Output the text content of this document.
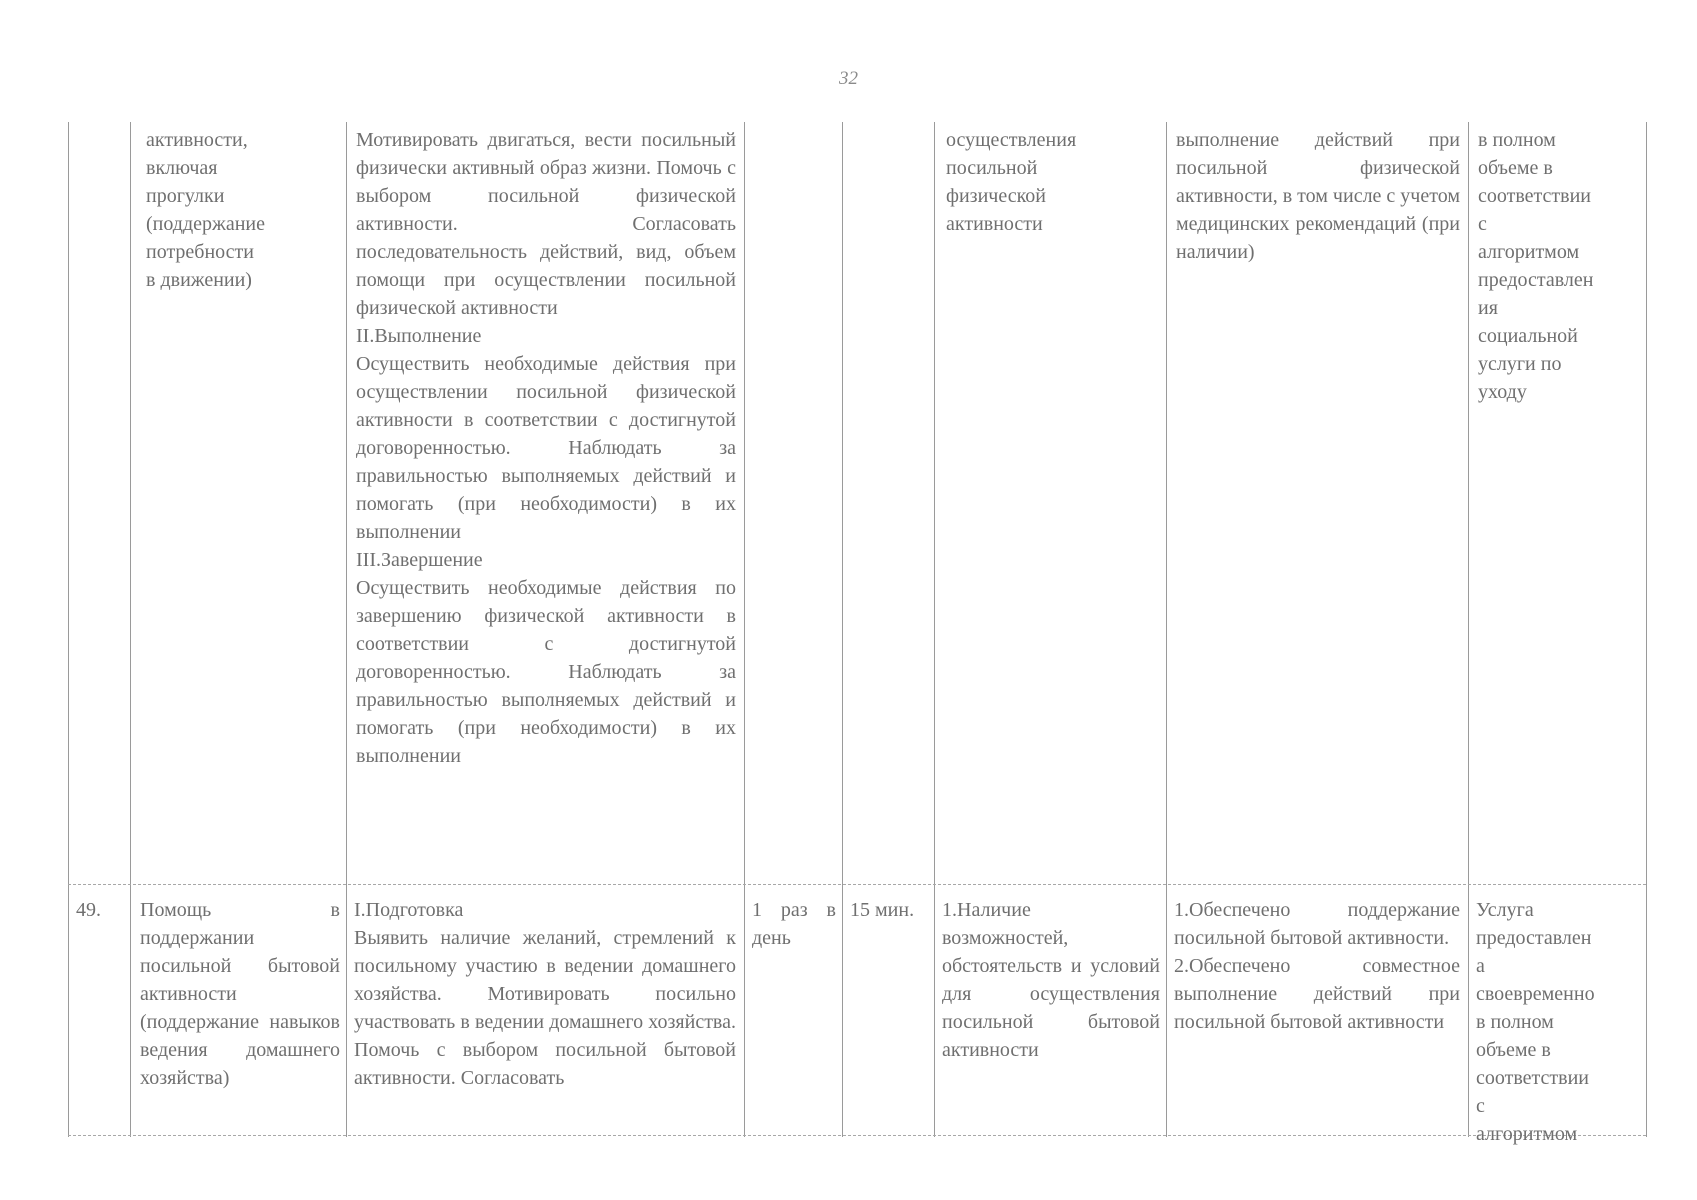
32
активности,
включая
прогулки
(поддержание
потребности
в движении)
Мотивировать двигаться, вести посильный физически активный образ жизни. Помочь с выбором посильной физической активности. Согласовать последовательность действий, вид, объем помощи при осуществлении посильной физической активности
II.Выполнение
Осуществить необходимые действия при осуществлении посильной физической активности в соответствии с достигнутой договоренностью. Наблюдать за правильностью выполняемых действий и помогать (при необходимости) в их выполнении
III.Завершение
Осуществить необходимые действия по завершению физической активности в соответствии с достигнутой договоренностью. Наблюдать за правильностью выполняемых действий и помогать (при необходимости) в их выполнении
осуществления
посильной
физической
активности
выполнение действий при посильной физической активности, в том числе с учетом медицинских рекомендаций (при наличии)
в полном
объеме в
соответствии
с
алгоритмом
предоставлен
ия
социальной
услуги по
уходу
49.	Помощь в поддержании посильной бытовой активности (поддержание навыков ведения домашнего хозяйства)
I.Подготовка
Выявить наличие желаний, стремлений к посильному участию в ведении домашнего хозяйства. Мотивировать посильно участвовать в ведении домашнего хозяйства. Помочь с выбором посильной бытовой активности. Согласовать
1 раз в день
15 мин.	1.Наличие возможностей, обстоятельств и условий для осуществления посильной бытовой активности
1.Обеспечено поддержание посильной бытовой активности.
2.Обеспечено совместное выполнение действий при посильной бытовой активности
Услуга
предоставлен
а
своевременно
в полном
объеме в
соответствии
с
алгоритмом
